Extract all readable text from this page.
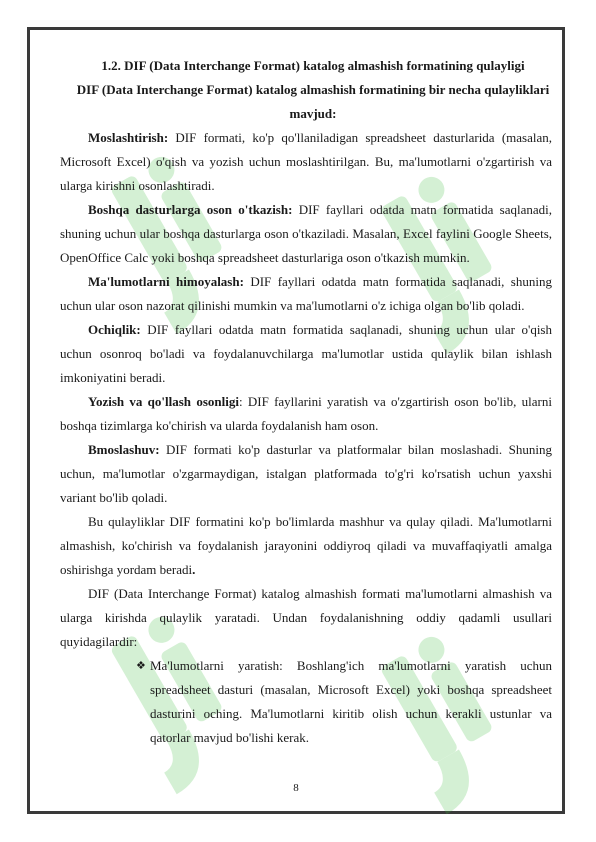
1.2. DIF (Data Interchange Format) katalog almashish formatining qulayligi
DIF (Data Interchange Format) katalog almashish formatining bir necha qulayliklari mavjud:

Moslashtirish: DIF formati, ko'p qo'llaniladigan spreadsheet dasturlarida (masalan, Microsoft Excel) o'qish va yozish uchun moslashtirilgan. Bu, ma'lumotlarni o'zgartirish va ularga kirishni osonlashtiradi.

Boshqa dasturlarga oson o'tkazish: DIF fayllari odatda matn formatida saqlanadi, shuning uchun ular boshqa dasturlarga oson o'tkaziladi. Masalan, Excel faylini Google Sheets, OpenOffice Calc yoki boshqa spreadsheet dasturlariga oson o'tkazish mumkin.

Ma'lumotlarni himoyalash: DIF fayllari odatda matn formatida saqlanadi, shuning uchun ular oson nazorat qilinishi mumkin va ma'lumotlarni o'z ichiga olgan bo'lib qoladi.

Ochiqlik: DIF fayllari odatda matn formatida saqlanadi, shuning uchun ular o'qish uchun osonroq bo'ladi va foydalanuvchilarga ma'lumotlar ustida qulaylik bilan ishlash imkoniyatini beradi.

Yozish va qo'llash osonligi: DIF fayllarini yaratish va o'zgartirish oson bo'lib, ularni boshqa tizimlarga ko'chirish va ularda foydalanish ham oson.

Bmoslashuv: DIF formati ko'p dasturlar va platformalar bilan moslashadi. Shuning uchun, ma'lumotlar o'zgarmaydigan, istalgan platformada to'g'ri ko'rsatish uchun yaxshi variant bo'lib qoladi.

Bu qulayliklar DIF formatini ko'p bo'limlarda mashhur va qulay qiladi. Ma'lumotlarni almashish, ko'chirish va foydalanish jarayonini oddiyroq qiladi va muvaffaqiyatli amalga oshirishga yordam beradi.

DIF (Data Interchange Format) katalog almashish formati ma'lumotlarni almashish va ularga kirishda qulaylik yaratadi. Undan foydalanishning oddiy qadamli usullari quyidagilardir:

❖ Ma'lumotlarni yaratish: Boshlang'ich ma'lumotlarni yaratish uchun spreadsheet dasturi (masalan, Microsoft Excel) yoki boshqa spreadsheet dasturini oching. Ma'lumotlarni kiritib olish uchun kerakli ustunlar va qatorlar mavjud bo'lishi kerak.
8
